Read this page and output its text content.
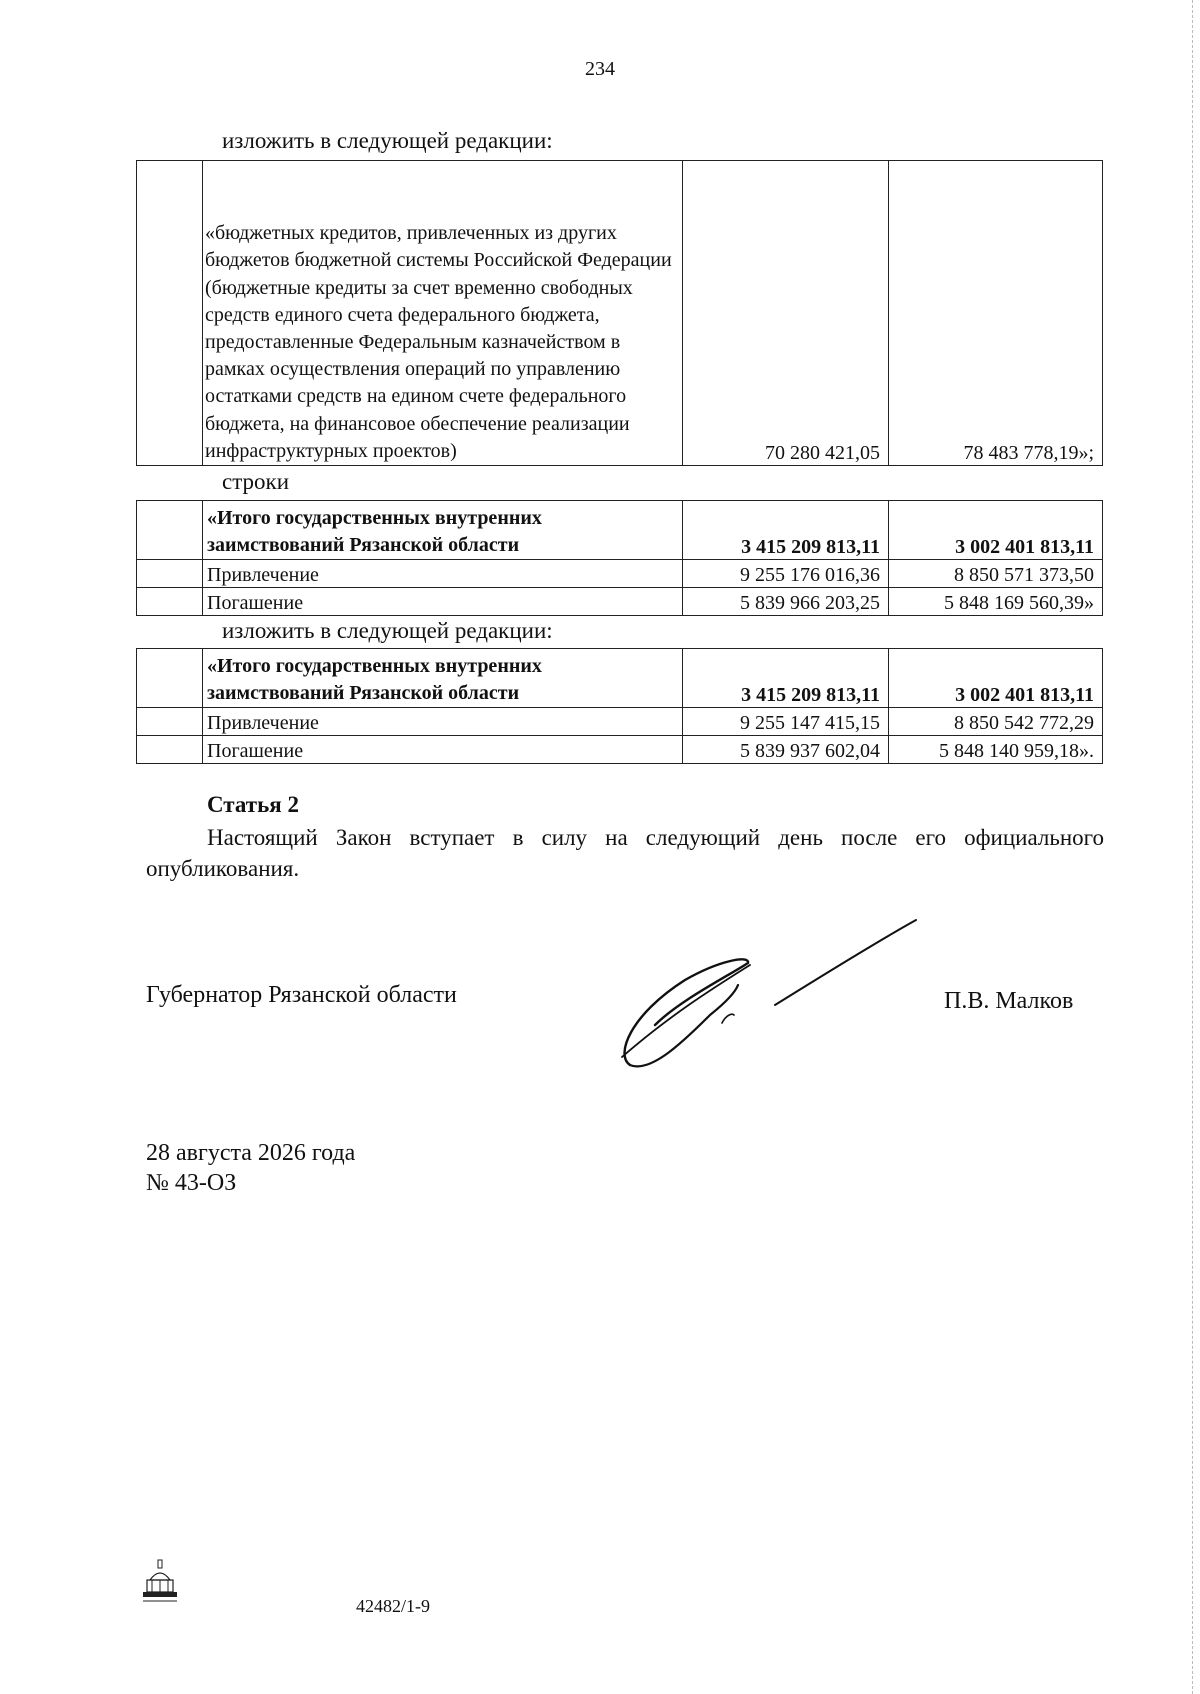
234
изложить в следующей редакции:
	«бюджетных кредитов, привлеченных из других бюджетов бюджетной системы Российской Федерации (бюджетные кредиты за счет временно свободных средств единого счета федерального бюджета, предоставленные Федеральным казначейством в рамках осуществления операций по управлению остатками средств на едином счете федерального бюджета, на финансовое обеспечение реализации инфраструктурных проектов)	70 280 421,05	78 483 778,19»;
строки
	«Итого государственных внутренних заимствований Рязанской области	3 415 209 813,11	3 002 401 813,11
	Привлечение	9 255 176 016,36	8 850 571 373,50
	Погашение	5 839 966 203,25	5 848 169 560,39»
изложить в следующей редакции:
	«Итого государственных внутренних заимствований Рязанской области	3 415 209 813,11	3 002 401 813,11
	Привлечение	9 255 147 415,15	8 850 542 772,29
	Погашение	5 839 937 602,04	5 848 140 959,18».
Статья 2
Настоящий Закон вступает в силу на следующий день после его официального опубликования.
Губернатор Рязанской области	П.В. Малков
28 августа 2026 года
№ 43-ОЗ
42482/1-9
